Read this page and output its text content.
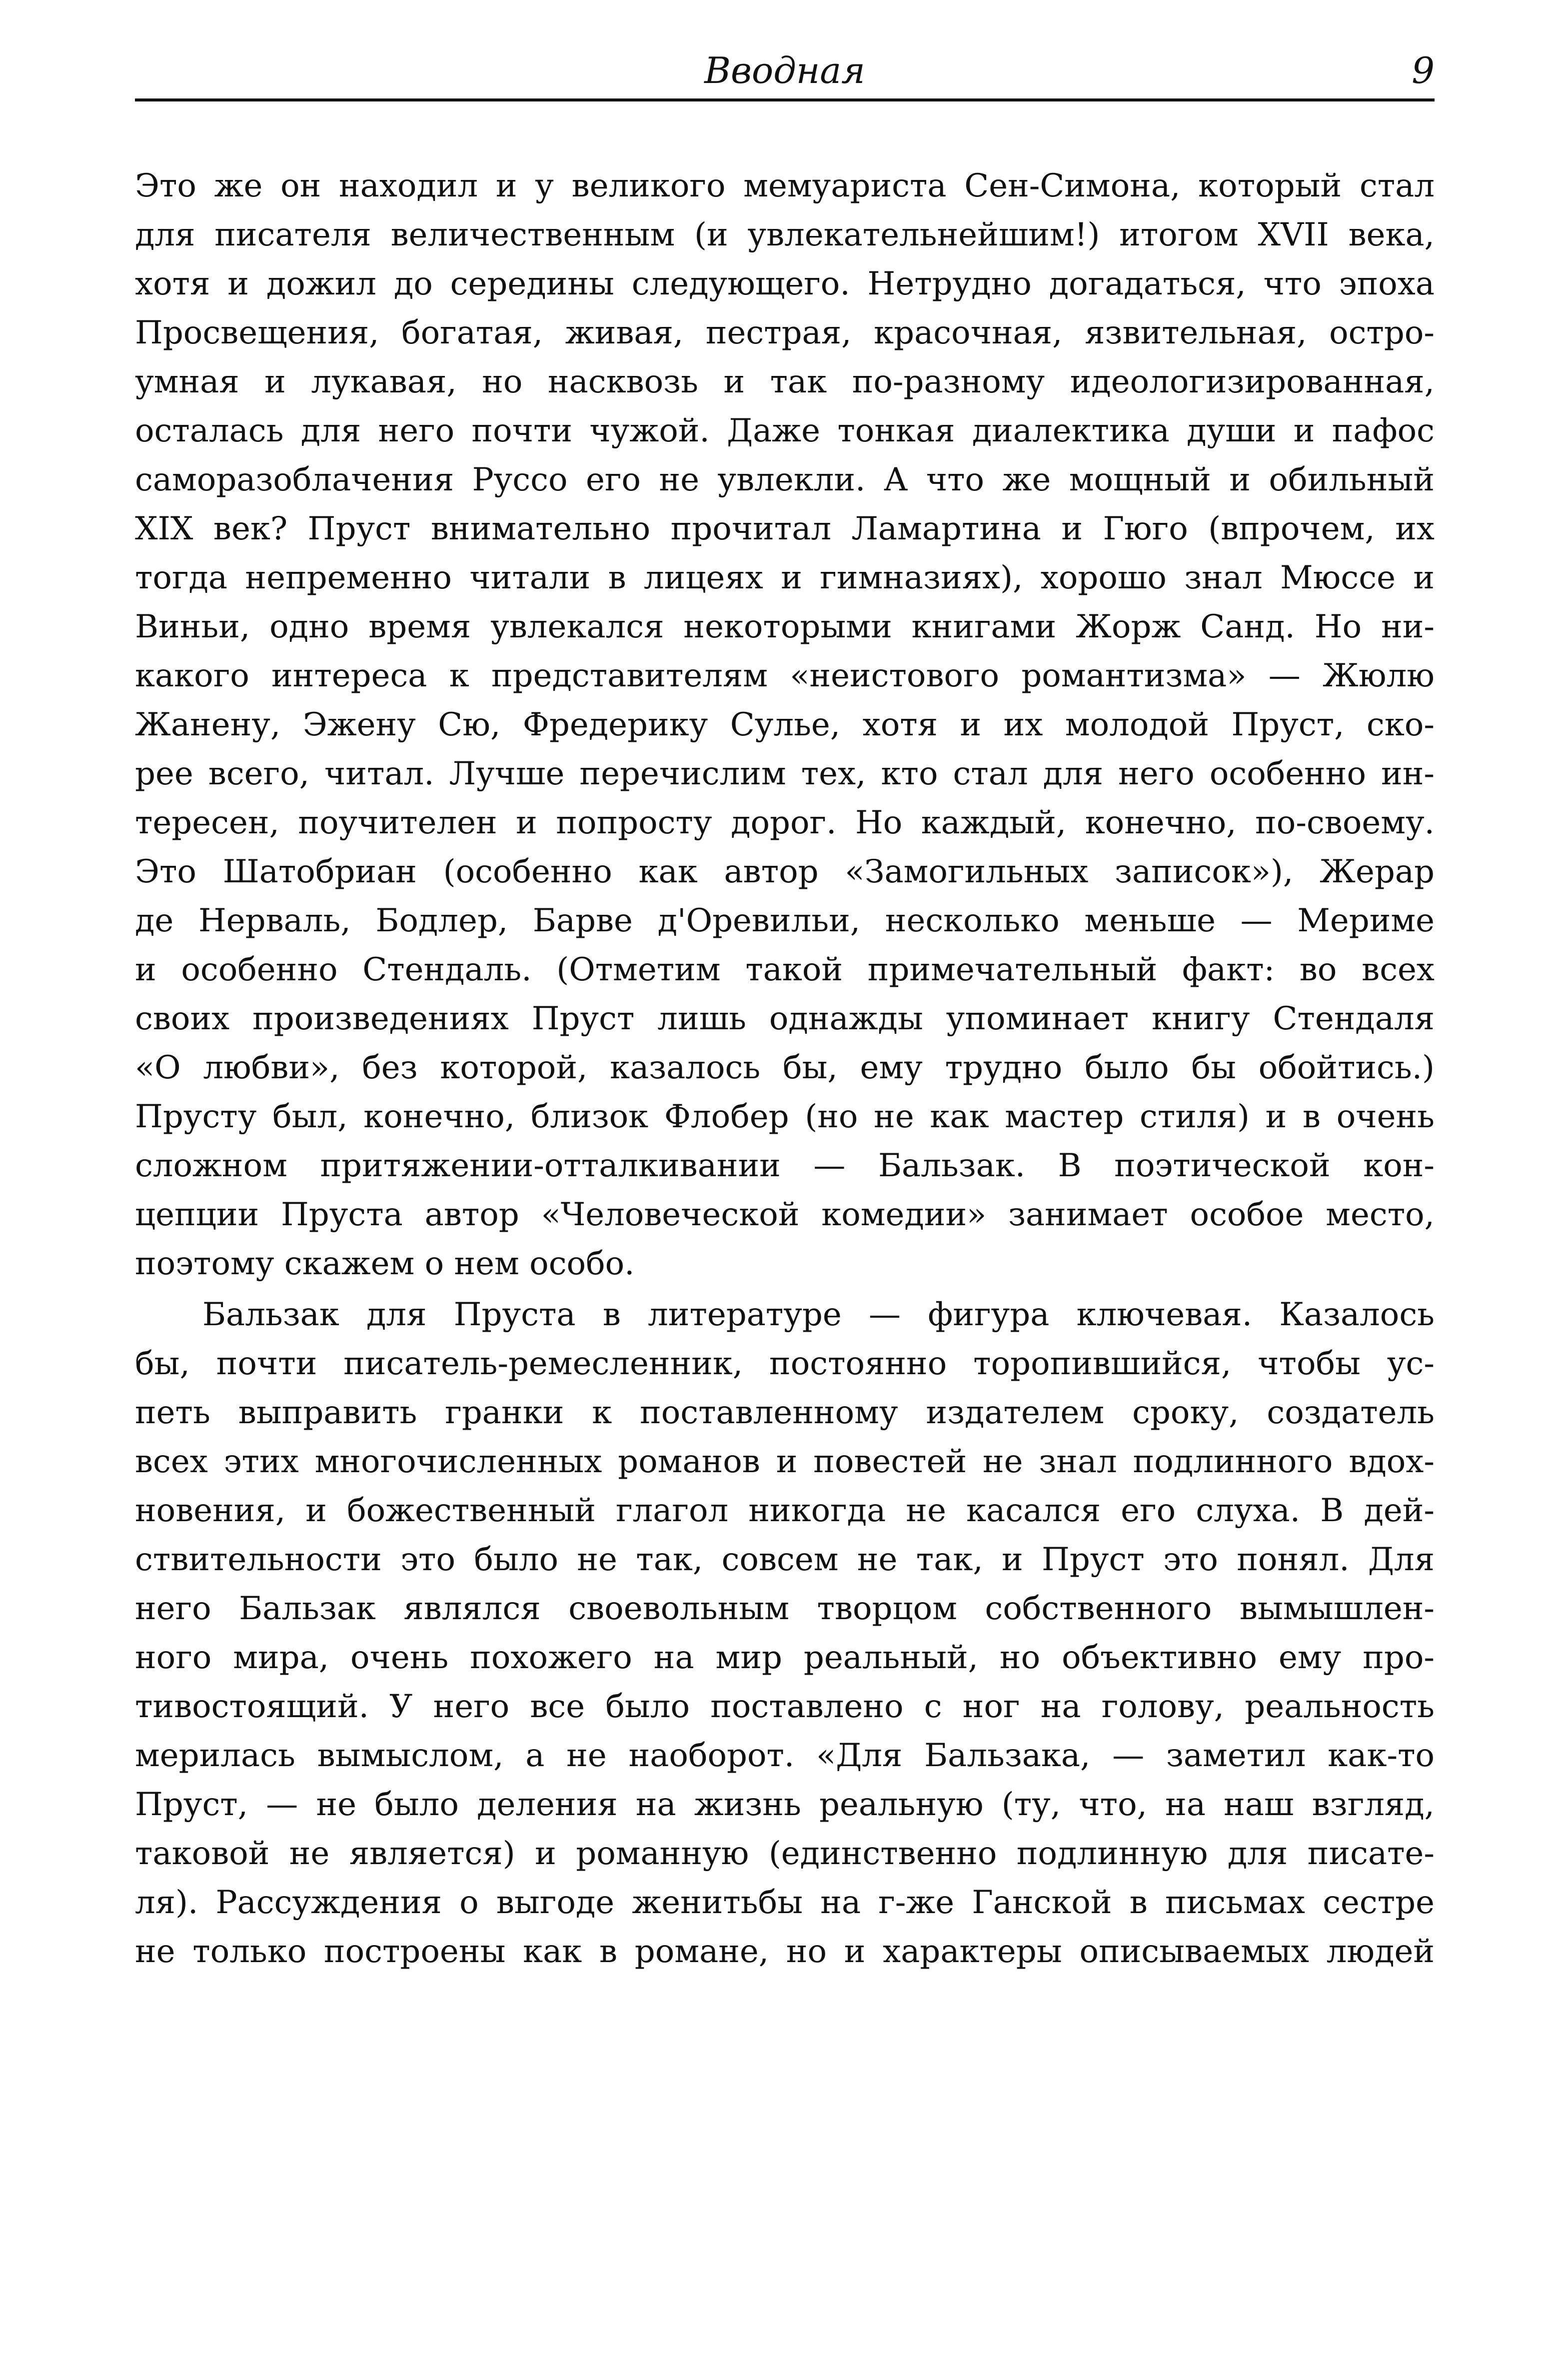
Вводная	9

Это же он находил и у великого мемуариста Сен-Симона, который стал
для писателя величественным (и увлекательнейшим!) итогом XVII века,
хотя и дожил до середины следующего. Нетрудно догадаться, что эпоха
Просвещения, богатая, живая, пестрая, красочная, язвительная, остро-
умная и лукавая, но насквозь и так по-разному идеологизированная,
осталась для него почти чужой. Даже тонкая диалектика души и пафос
саморазоблачения Руссо его не увлекли. А что же мощный и обильный
XIX век? Пруст внимательно прочитал Ламартина и Гюго (впрочем, их
тогда непременно читали в лицеях и гимназиях), хорошо знал Мюссе и
Виньи, одно время увлекался некоторыми книгами Жорж Санд. Но ни-
какого интереса к представителям «неистового романтизма» — Жюлю
Жанену, Эжену Сю, Фредерику Сулье, хотя и их молодой Пруст, ско-
рее всего, читал. Лучше перечислим тех, кто стал для него особенно ин-
тересен, поучителен и попросту дорог. Но каждый, конечно, по-своему.
Это Шатобриан (особенно как автор «Замогильных записок»), Жерар
де Нерваль, Бодлер, Барве д'Оревильи, несколько меньше — Мериме
и особенно Стендаль. (Отметим такой примечательный факт: во всех
своих произведениях Пруст лишь однажды упоминает книгу Стендаля
«О любви», без которой, казалось бы, ему трудно было бы обойтись.)
Прусту был, конечно, близок Флобер (но не как мастер стиля) и в очень
сложном притяжении-отталкивании — Бальзак. В поэтической кон-
цепции Пруста автор «Человеческой комедии» занимает особое место,
поэтому скажем о нем особо.

Бальзак для Пруста в литературе — фигура ключевая. Казалось
бы, почти писатель-ремесленник, постоянно торопившийся, чтобы ус-
петь выправить гранки к поставленному издателем сроку, создатель
всех этих многочисленных романов и повестей не знал подлинного вдох-
новения, и божественный глагол никогда не касался его слуха. В дей-
ствительности это было не так, совсем не так, и Пруст это понял. Для
него Бальзак являлся своевольным творцом собственного вымышлен-
ного мира, очень похожего на мир реальный, но объективно ему про-
тивостоящий. У него все было поставлено с ног на голову, реальность
мерилась вымыслом, а не наоборот. «Для Бальзака, — заметил как-то
Пруст, — не было деления на жизнь реальную (ту, что, на наш взгляд,
таковой не является) и романную (единственно подлинную для писате-
ля). Рассуждения о выгоде женитьбы на г-же Ганской в письмах сестре
не только построены как в романе, но и характеры описываемых людей
